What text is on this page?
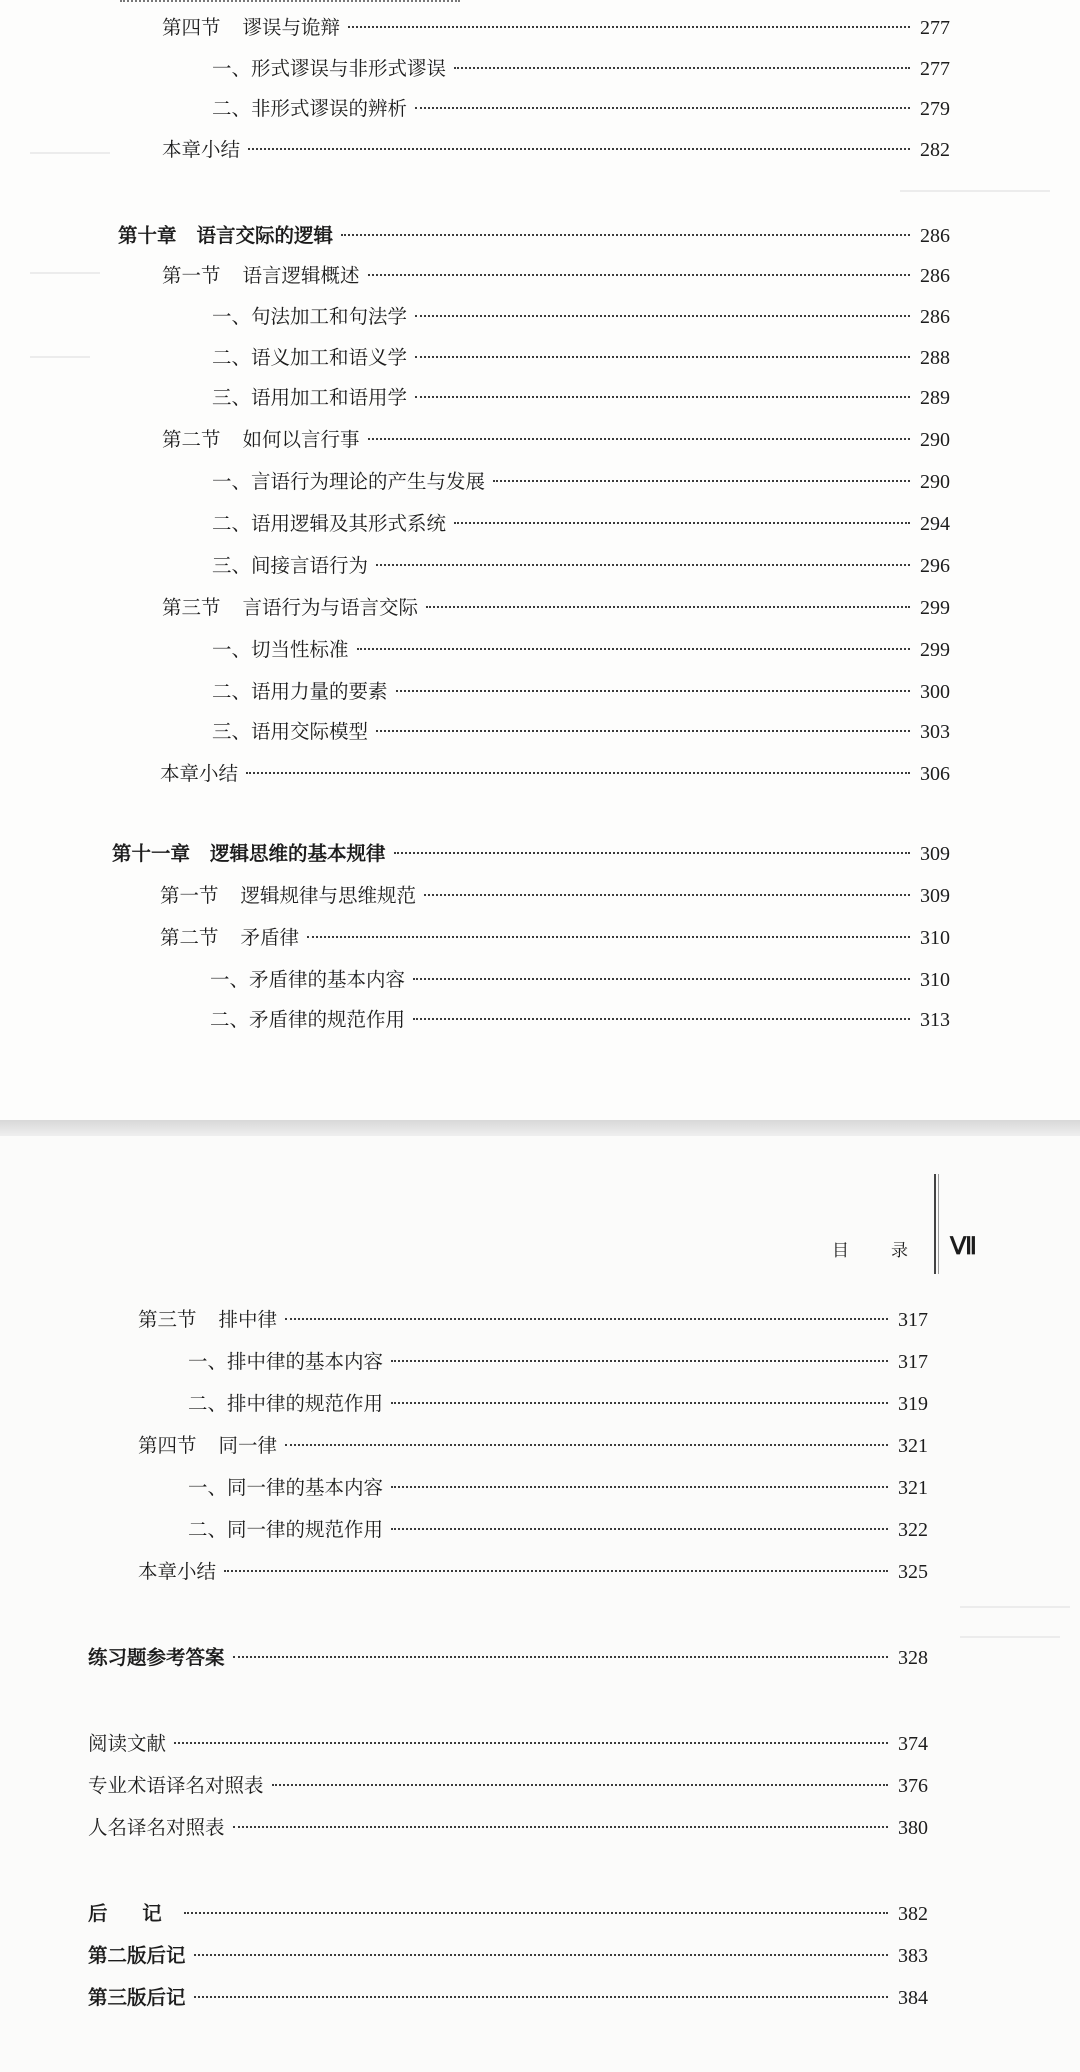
第四节 谬误与诡辩	277
一、形式谬误与非形式谬误	277
二、非形式谬误的辨析	279
本章小结	282
第十章 语言交际的逻辑	286
第一节 语言逻辑概述	286
一、句法加工和句法学	286
二、语义加工和语义学	288
三、语用加工和语用学	289
第二节 如何以言行事	290
一、言语行为理论的产生与发展	290
二、语用逻辑及其形式系统	294
三、间接言语行为	296
第三节 言语行为与语言交际	299
一、切当性标准	299
二、语用力量的要素	300
三、语用交际模型	303
本章小结	306
第十一章 逻辑思维的基本规律	309
第一节 逻辑规律与思维规范	309
第二节 矛盾律	310
一、矛盾律的基本内容	310
二、矛盾律的规范作用	313
目录 Ⅶ
第三节 排中律	317
一、排中律的基本内容	317
二、排中律的规范作用	319
第四节 同一律	321
一、同一律的基本内容	321
二、同一律的规范作用	322
本章小结	325
练习题参考答案	328
阅读文献	374
专业术语译名对照表	376
人名译名对照表	380
后 记	382
第二版后记	383
第三版后记	384
